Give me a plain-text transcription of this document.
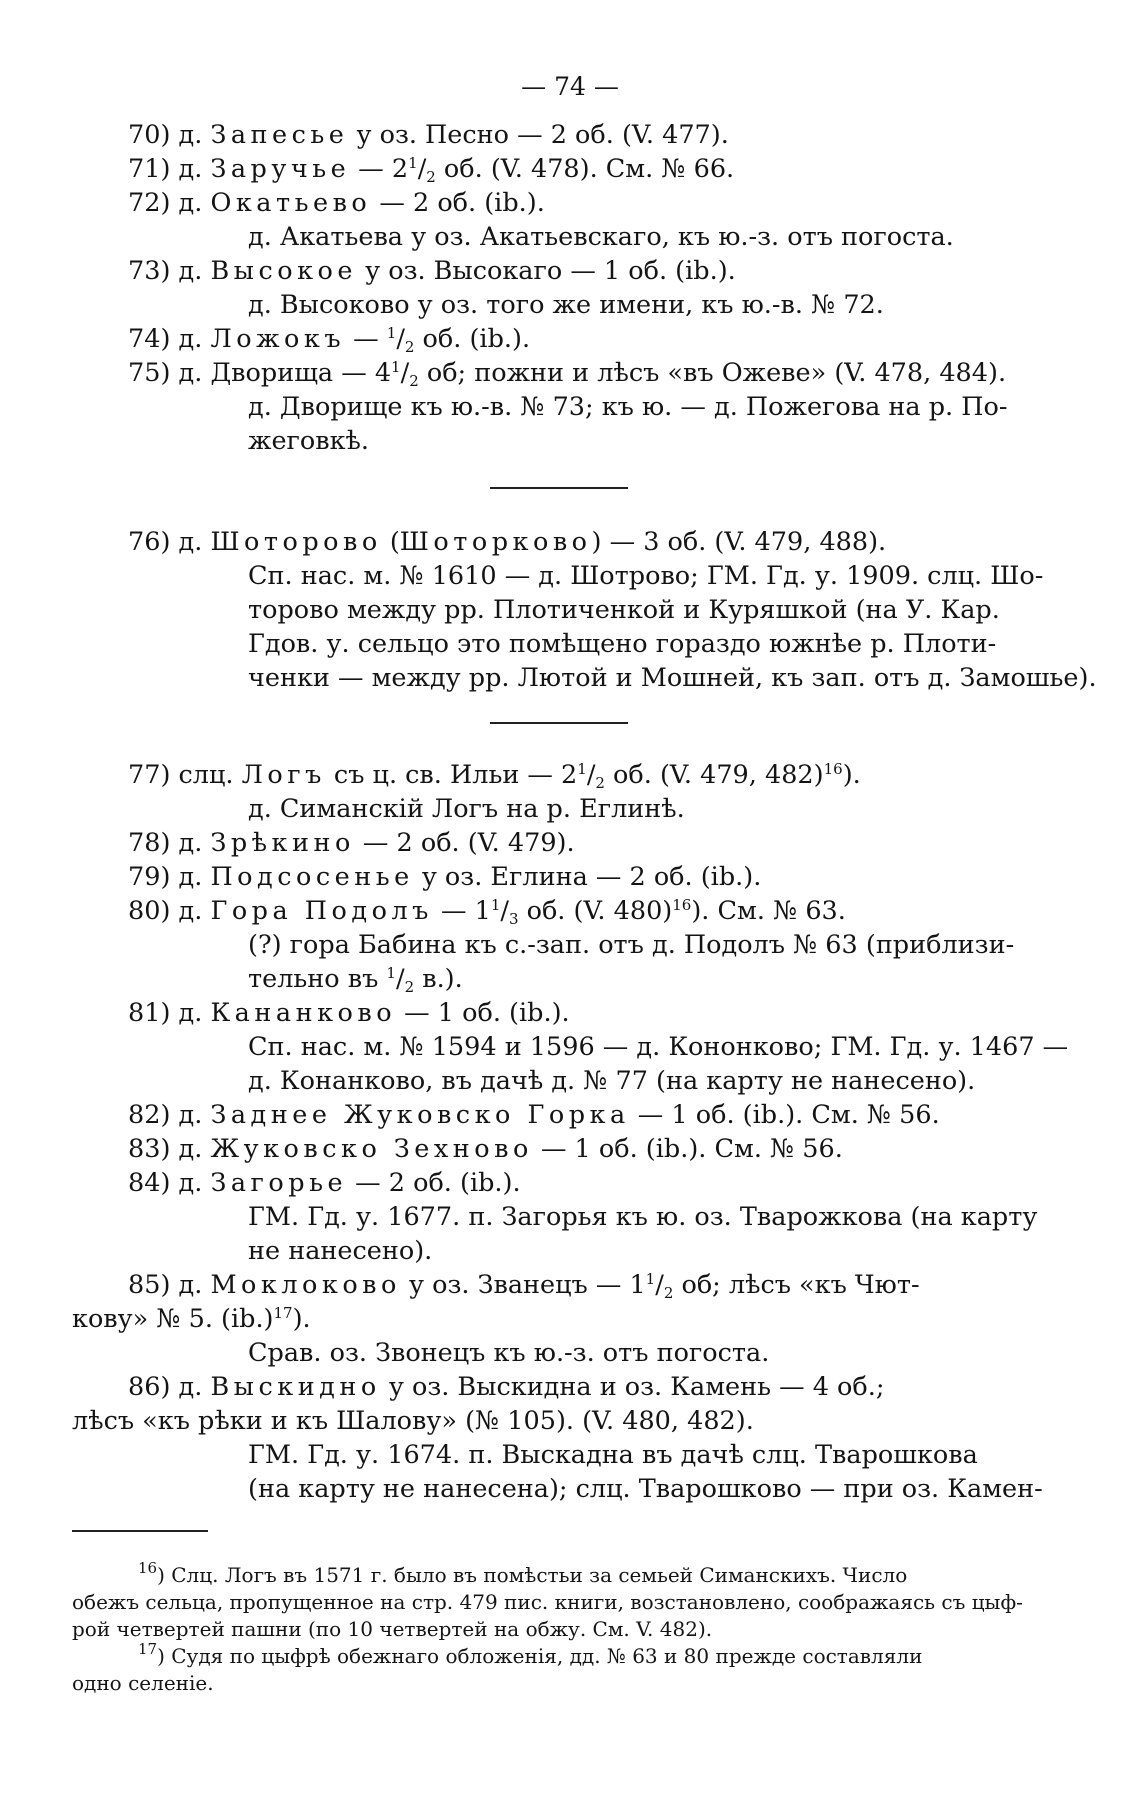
— 74 —
70) д. Запесье у оз. Песно — 2 об. (V. 477).
71) д. Заручье — $2^1/_2$ об. (V. 478). См. № 66.
72) д. Окатьево — 2 об. (ib.).
д. Акатьева у оз. Акатьевскаго, къ ю.-з. отъ погоста.
73) д. Высокое у оз. Высокаго — 1 об. (ib.).
д. Высоково у оз. того же имени, къ ю.-в. № 72.
74) д. Ложокъ — $^1/_2$ об. (ib.).
75) д. Дворища — $4^1/_2$ об; пожни и лѣсъ «въ Ожеве» (V. 478, 484).
д. Дворище къ ю.-в. № 73; къ ю. — д. Пожегова на р. По-
жеговкѣ.
76) д. Шоторово (Шоторково) — 3 об. (V. 479, 488).
Сп. нас. м. № 1610 — д. Шотрово; ГМ. Гд. у. 1909. слц. Шо-
торово между рр. Плотиченкой и Куряшкой (на У. Кар.
Гдов. у. сельцо это помѣщено гораздо южнѣе р. Плоти-
ченки — между рр. Лютой и Мошней, къ зап. отъ д. Замошье).
77) слц. Логъ съ ц. св. Ильи — $2^1/_2$ об. (V. 479, 482)$^{16}$).
д. Симанскій Логъ на р. Еглинѣ.
78) д. Зрѣкино — 2 об. (V. 479).
79) д. Подсосенье у оз. Еглина — 2 об. (ib.).
80) д. Гора Подолъ — $1^1/_3$ об. (V. 480)$^{16}$). См. № 63.
(?) гора Бабина къ с.-зап. отъ д. Подолъ № 63 (приблизи-
тельно въ $^1/_2$ в.).
81) д. Кананково — 1 об. (ib.).
Сп. нас. м. № 1594 и 1596 — д. Кононково; ГМ. Гд. у. 1467 —
д. Конанково, въ дачѣ д. № 77 (на карту не нанесено).
82) д. Заднее Жуковско Горка — 1 об. (ib.). См. № 56.
83) д. Жуковско Зехново — 1 об. (ib.). См. № 56.
84) д. Загорье — 2 об. (ib.).
ГМ. Гд. у. 1677. п. Загорья къ ю. оз. Тварожкова (на карту
не нанесено).
85) д. Моклоково у оз. Званецъ — $1^1/_2$ об; лѣсъ «къ Чют-
кову» № 5. $(ib.)^{17}$).
Срав. оз. Звонецъ къ ю.-з. отъ погоста.
86) д. Выскидно у оз. Выскидна и оз. Камень — 4 об.;
лѣсъ «къ рѣки и къ Шалову» (№ 105). (V. 480, 482).
ГМ. Гд. у. 1674. п. Выскадна въ дачѣ слц. Тварошкова
(на карту не нанесена); слц. Тварошково — при оз. Камен-
$^{16}$) Слц. Логъ въ 1571 г. было въ помѣстьи за семьей Симанскихъ. Число
обежъ сельца, пропущенное на стр. 479 пис. книги, возстановлено, соображаясь съ цыф-
рой четвертей пашни (по 10 четвертей на обжу. См. V. 482).
$^{17}$) Судя по цыфрѣ обежнаго обложенія, дд. № 63 и 80 прежде составляли
одно селеніе.
